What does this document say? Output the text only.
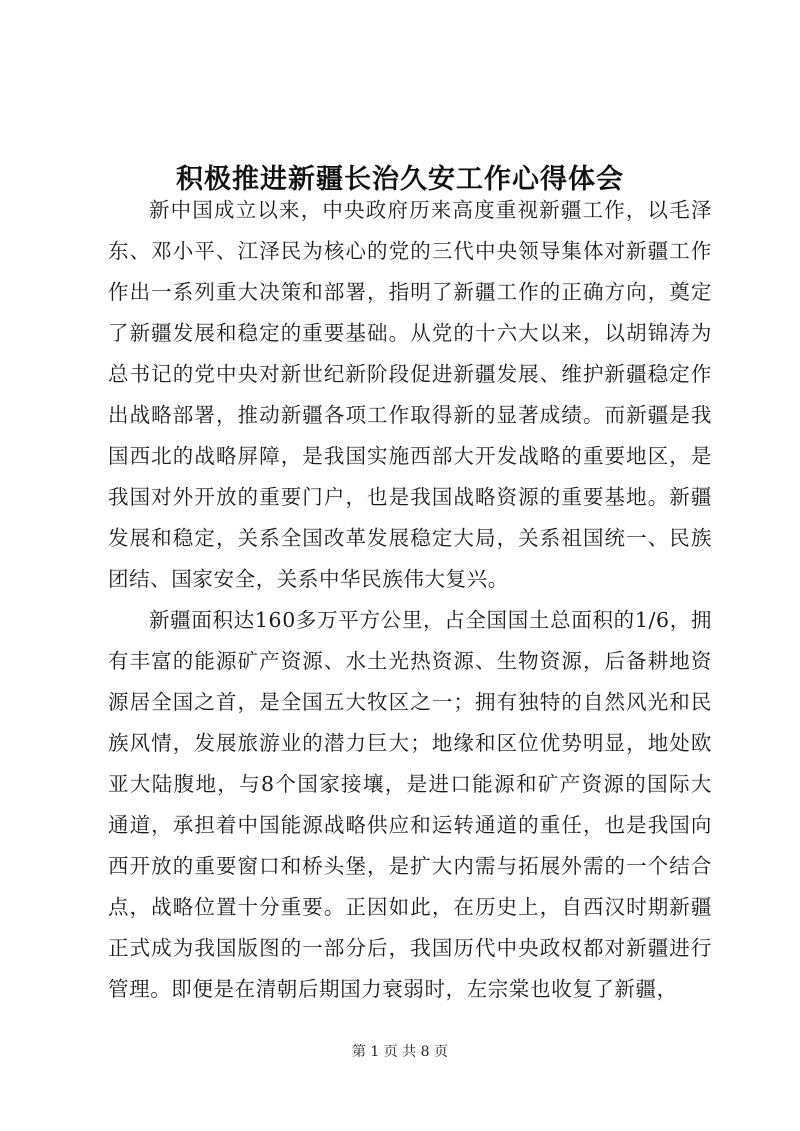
积极推进新疆长治久安工作心得体会

新中国成立以来，中央政府历来高度重视新疆工作，以毛泽东、邓小平、江泽民为核心的党的三代中央领导集体对新疆工作作出一系列重大决策和部署，指明了新疆工作的正确方向，奠定了新疆发展和稳定的重要基础。从党的十六大以来，以胡锦涛为总书记的党中央对新世纪新阶段促进新疆发展、维护新疆稳定作出战略部署，推动新疆各项工作取得新的显著成绩。而新疆是我国西北的战略屏障，是我国实施西部大开发战略的重要地区，是我国对外开放的重要门户，也是我国战略资源的重要基地。新疆发展和稳定，关系全国改革发展稳定大局，关系祖国统一、民族团结、国家安全，关系中华民族伟大复兴。

新疆面积达160多万平方公里，占全国国土总面积的1/6，拥有丰富的能源矿产资源、水土光热资源、生物资源，后备耕地资源居全国之首，是全国五大牧区之一；拥有独特的自然风光和民族风情，发展旅游业的潜力巨大；地缘和区位优势明显，地处欧亚大陆腹地，与8个国家接壤，是进口能源和矿产资源的国际大通道，承担着中国能源战略供应和运转通道的重任，也是我国向西开放的重要窗口和桥头堡，是扩大内需与拓展外需的一个结合点，战略位置十分重要。正因如此，在历史上，自西汉时期新疆正式成为我国版图的一部分后，我国历代中央政权都对新疆进行管理。即便是在清朝后期国力衰弱时，左宗棠也收复了新疆，

第 1 页 共 8 页
